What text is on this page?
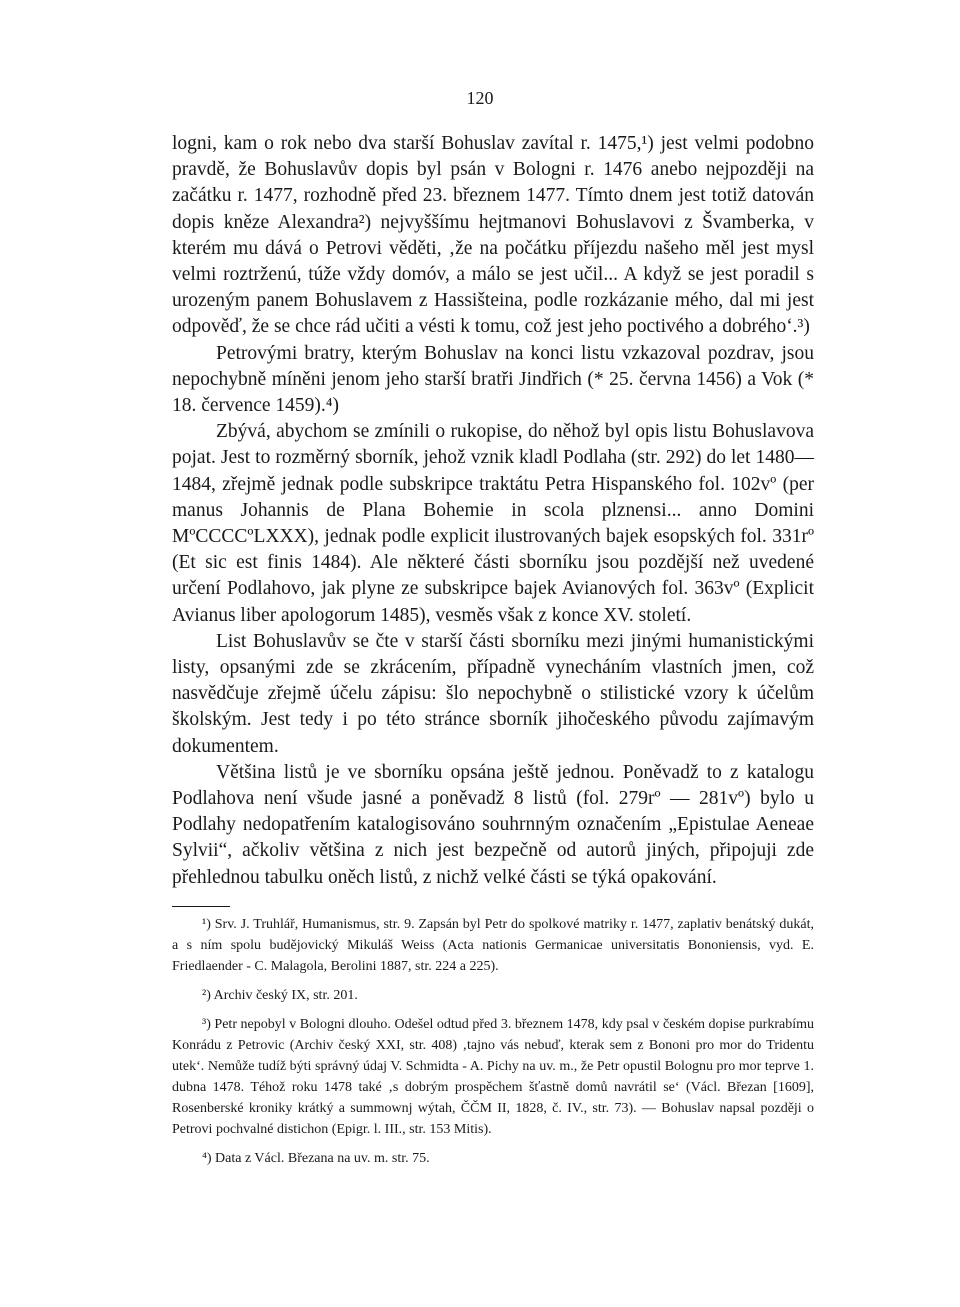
120

logni, kam o rok nebo dva starší Bohuslav zavítal r. 1475,¹) jest velmi podobno pravdě, že Bohuslavův dopis byl psán v Bologni r. 1476 anebo nejpozději na začátku r. 1477, rozhodně před 23. březnem 1477. Tímto dnem jest totiž datován dopis kněze Alexandra²) nejvyššímu hejtmanovi Bohuslavovi z Švamberka, v kterém mu dává o Petrovi věděti, ‚že na počátku příjezdu našeho měl jest mysl velmi roztrženú, túže vždy domóv, a málo se jest učil... A když se jest poradil s urozeným panem Bohuslavem z Hassišteina, podle rozkázanie mého, dal mi jest odpověď, že se chce rád učiti a vésti k tomu, což jest jeho poctivého a dobrého‘.³)

Petrovými bratry, kterým Bohuslav na konci listu vzkazoval pozdrav, jsou nepochybně míněni jenom jeho starší bratři Jindřich (* 25. června 1456) a Vok (* 18. července 1459).⁴)

Zbývá, abychom se zmínili o rukopise, do něhož byl opis listu Bohuslavova pojat. Jest to rozměrný sborník, jehož vznik kladl Podlaha (str. 292) do let 1480—1484, zřejmě jednak podle subskripce traktátu Petra Hispanského fol. 102vº (per manus Johannis de Plana Bohemie in scola plznensi... anno Domini MºCCCCºLXXX), jednak podle explicit ilustrovaných bajek esopských fol. 331rº (Et sic est finis 1484). Ale některé části sborníku jsou pozdější než uvedené určení Podlahovo, jak plyne ze subskripce bajek Avianových fol. 363vº (Explicit Avianus liber apologorum 1485), vesměs však z konce XV. století.

List Bohuslavův se čte v starší části sborníku mezi jinými humanistickými listy, opsanými zde se zkrácením, případně vynecháním vlastních jmen, což nasvědčuje zřejmě účelu zápisu: šlo nepochybně o stilistické vzory k účelům školským. Jest tedy i po této stránce sborník jihočeského původu zajímavým dokumentem.

Většina listů je ve sborníku opsána ještě jednou. Poněvadž to z katalogu Podlahova není všude jasné a poněvadž 8 listů (fol. 279rº — 281vº) bylo u Podlahy nedopatřením katalogisováno souhrnným označením „Epistulae Aeneae Sylvii“, ačkoliv většina z nich jest bezpečně od autorů jiných, připojuji zde přehlednou tabulku oněch listů, z nichž velké části se týká opakování.

¹) Srv. J. Truhlář, Humanismus, str. 9. Zapsán byl Petr do spolkové matriky r. 1477, zaplativ benátský dukát, a s ním spolu budějovický Mikuláš Weiss (Acta nationis Germanicae universitatis Bononiensis, vyd. E. Friedlaender - C. Malagola, Berolini 1887, str. 224 a 225).

²) Archiv český IX, str. 201.

³) Petr nepobyl v Bologni dlouho. Odešel odtud před 3. březnem 1478, kdy psal v českém dopise purkrabímu Konrádu z Petrovic (Archiv český XXI, str. 408) ‚tajno vás nebuď, kterak sem z Bononi pro mor do Tridentu utek‘. Nemůže tudíž býti správný údaj V. Schmidta - A. Pichy na uv. m., že Petr opustil Bolognu pro mor teprve 1. dubna 1478. Téhož roku 1478 také ‚s dobrým prospěchem šťastně domů navrátil se‘ (Václ. Březan [1609], Rosenberské kroniky krátký a summownj wýtah, ČČM II, 1828, č. IV., str. 73). — Bohuslav napsal později o Petrovi pochvalné distichon (Epigr. l. III., str. 153 Mitis).

⁴) Data z Václ. Březana na uv. m. str. 75.
